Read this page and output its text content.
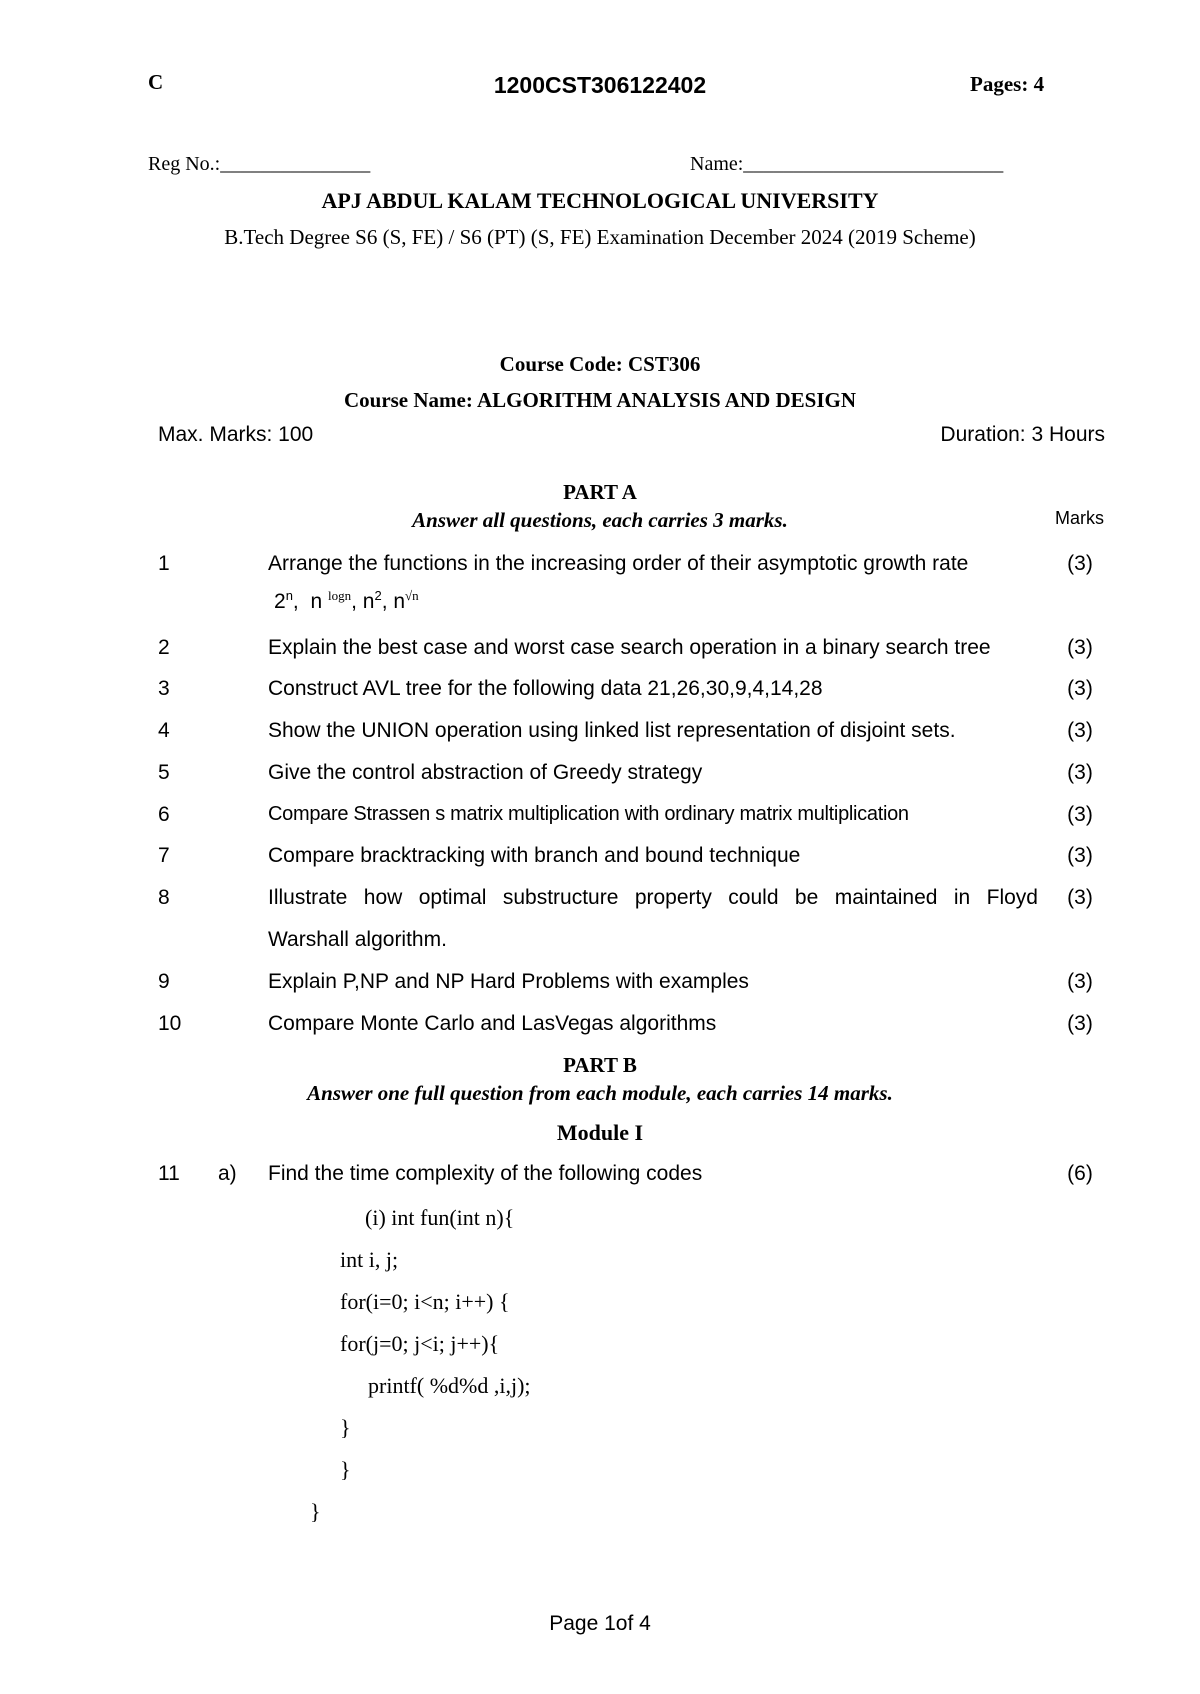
C	1200CST306122402	Pages: 4
Reg No.:_______________	Name:__________________________
APJ ABDUL KALAM TECHNOLOGICAL UNIVERSITY
B.Tech Degree S6 (S, FE) / S6 (PT) (S, FE) Examination December 2024 (2019 Scheme)
Course Code: CST306
Course Name: ALGORITHM ANALYSIS AND DESIGN
Max. Marks: 100	Duration: 3 Hours
PART A
Answer all questions, each carries 3 marks.	Marks
1	Arrange the functions in the increasing order of their asymptotic growth rate	(3)
2$^n$,  n $^{logn}$, $n^2$, $n^{√n}$
2	Explain the best case and worst case search operation in a binary search tree	(3)
3	Construct AVL tree for the following data 21,26,30,9,4,14,28	(3)
4	Show the UNION operation using linked list representation of disjoint sets.	(3)
5	Give the control abstraction of Greedy strategy	(3)
6	Compare Strassen s matrix multiplication with ordinary matrix multiplication	(3)
7	Compare bracktracking with branch and bound technique	(3)
8	Illustrate how optimal substructure property could be maintained in Floyd	(3)
Warshall algorithm.
9	Explain P,NP and NP Hard Problems with examples	(3)
10	Compare Monte Carlo and LasVegas algorithms	(3)
PART B
Answer one full question from each module, each carries 14 marks.
Module I
11 a) Find the time complexity of the following codes	(6)
(i) int fun(int n){
int i, j;
for(i=0; i<n; i++) {
for(j=0; j<i; j++){
printf( %d%d ,i,j);
}
}
}
Page 1of 4
